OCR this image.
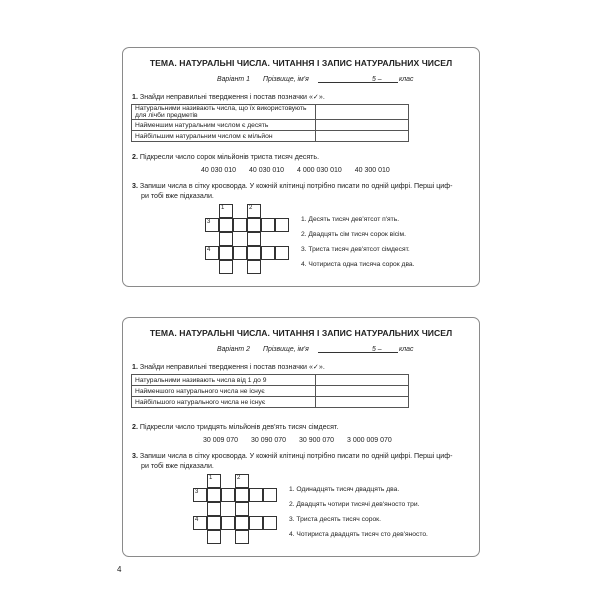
ТЕМА. НАТУРАЛЬНІ ЧИСЛА. ЧИТАННЯ І ЗАПИС НАТУРАЛЬНИХ ЧИСЕЛ
Варіант 1 Прізвище, ім'я	5 –	клас
1. Знайди неправильні твердження і постав позначки «✓».
Натуральними називають числа, що їх використовують для лічби предметів	
Найменшим натуральним числом є десять	
Найбільшим натуральним числом є мільйон	
2. Підкресли число сорок мільйонів триста тисяч десять.
40 030 010 40 030 010 4 000 030 010 40 300 010
3. Запиши числа в сітку кросворда. У кожній клітинці потрібно писати по одній цифрі. Перші циф-
ри тобі вже підказали.
1	2
3
4
1. Десять тисяч дев'ятсот п'ять.
2. Двадцять сім тисяч сорок вісім.
3. Триста тисяч дев'ятсот сімдесят.
4. Чотириста одна тисяча сорок два.
ТЕМА. НАТУРАЛЬНІ ЧИСЛА. ЧИТАННЯ І ЗАПИС НАТУРАЛЬНИХ ЧИСЕЛ
Варіант 2 Прізвище, ім'я	5 –	клас
1. Знайди неправильні твердження і постав позначки «✓».
Натуральними називають числа від 1 до 9	
Найменшого натурального числа не існує	
Найбільшого натурального числа не існує	
2. Підкресли число тридцять мільйонів дев'ять тисяч сімдесят.
30 009 070 30 090 070 30 900 070 3 000 009 070
3. Запиши числа в сітку кросворда. У кожній клітинці потрібно писати по одній цифрі. Перші циф-
ри тобі вже підказали.
1	2
3
4
1. Одинадцять тисяч двадцять два.
2. Двадцять чотири тисячі дев'яносто три.
3. Триста десять тисяч сорок.
4. Чотириста двадцять тисяч сто дев'яносто.
4
